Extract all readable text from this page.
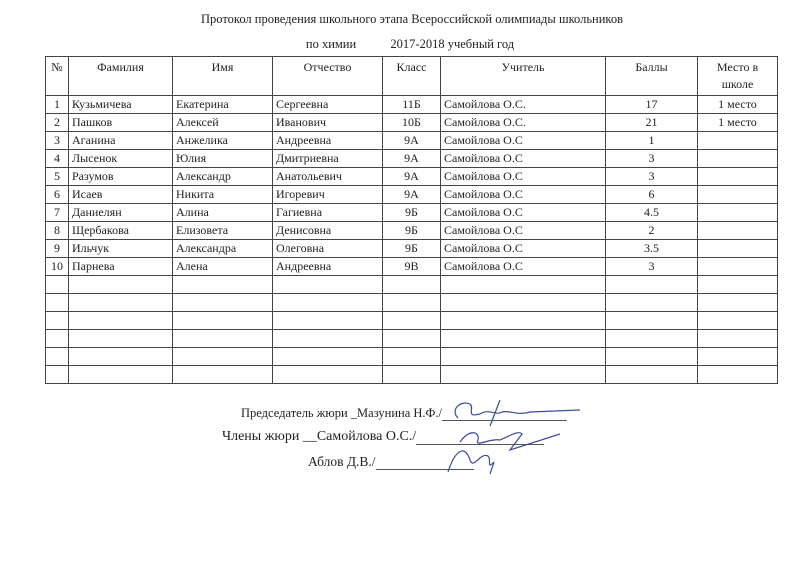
Протокол проведения школьного этапа Всероссийской олимпиады школьников
по химии	2017-2018 учебный год
№	Фамилия	Имя	Отчество	Класс	Учитель	Баллы	Место в школе
1	Кузьмичева	Екатерина	Сергеевна	11Б	Самойлова О.С.	17	1 место
2	Пашков	Алексей	Иванович	10Б	Самойлова О.С.	21	1 место
3	Аганина	Анжелика	Андреевна	9А	Самойлова О.С	1	
4	Лысенок	Юлия	Дмитриевна	9А	Самойлова О.С	3	
5	Разумов	Александр	Анатольевич	9А	Самойлова О.С	3	
6	Исаев	Никита	Игоревич	9А	Самойлова О.С	6	
7	Даниелян	Алина	Гагиевна	9Б	Самойлова О.С	4.5	
8	Щербакова	Елизовета	Денисовна	9Б	Самойлова О.С	2	
9	Ильчук	Александра	Олеговна	9Б	Самойлова О.С	3.5	
10	Парнева	Алена	Андреевна	9В	Самойлова О.С	3	

Председатель жюри _Мазунина Н.Ф./
Члены жюри __Самойлова О.С./
Аблов Д.В./
